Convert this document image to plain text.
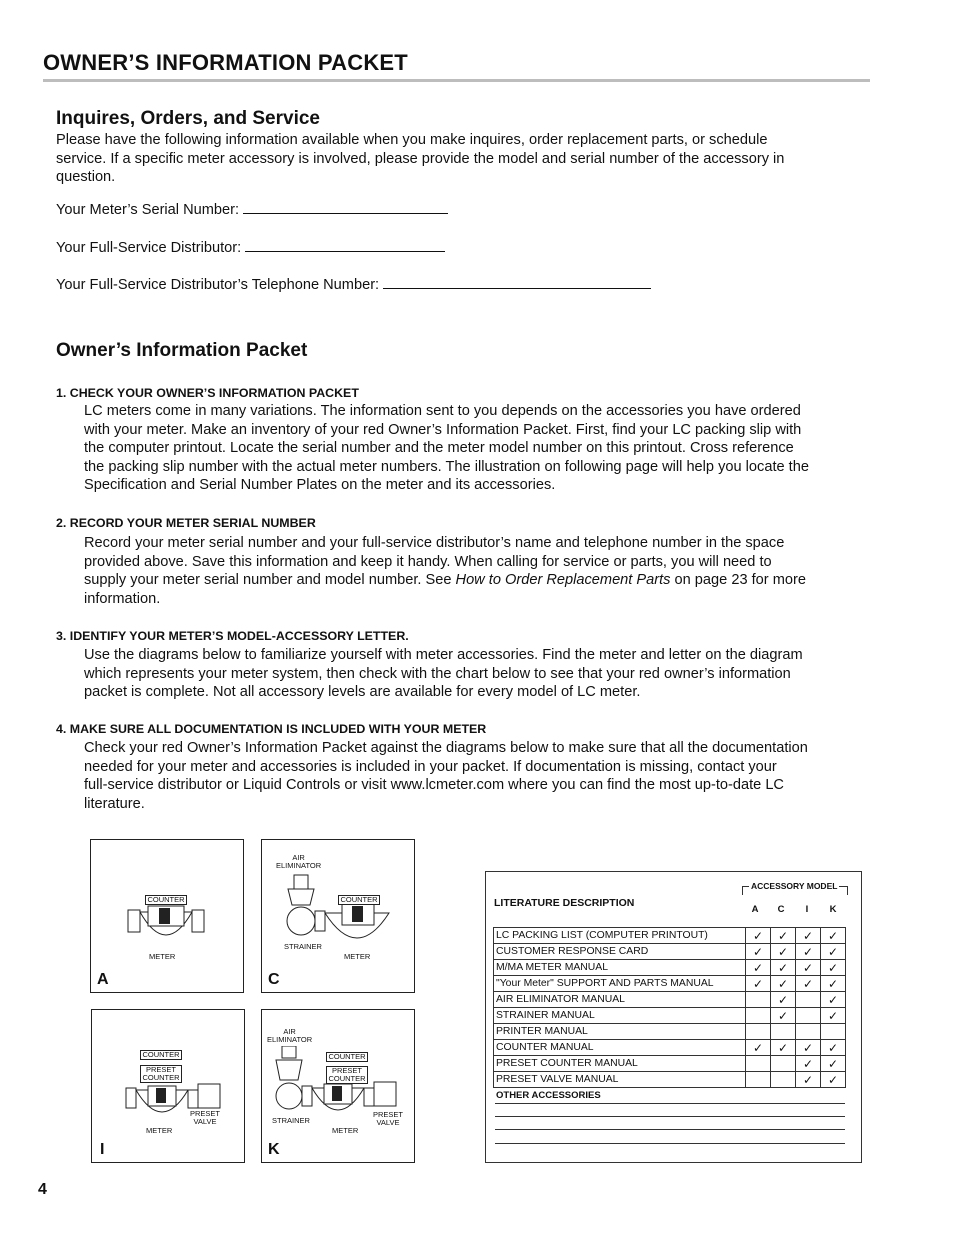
OWNER’S INFORMATION PACKET
Inquires, Orders, and Service
Please have the following information available when you make inquires, order replacement parts, or schedule
service. If a specific meter accessory is involved, please provide the model and serial number of the accessory in
question.
Your Meter’s Serial Number:
Your Full-Service Distributor:
Your Full-Service Distributor’s Telephone Number:
Owner’s Information Packet
1. CHECK YOUR OWNER’S INFORMATION PACKET
LC meters come in many variations. The information sent to you depends on the accessories you have ordered
with your meter. Make an inventory of your red Owner’s Information Packet. First, find your LC packing slip with
the computer printout. Locate the serial number and the meter model number on this printout. Cross reference
the packing slip number with the actual meter numbers. The illustration on following page will help you locate the
Specification and Serial Number Plates on the meter and its accessories.
2. RECORD YOUR METER SERIAL NUMBER
Record your meter serial number and your full-service distributor’s name and telephone number in the space
provided above. Save this information and keep it handy. When calling for service or parts, you will need to
supply your meter serial number and model number. See How to Order Replacement Parts on page 23 for more
information.
3. IDENTIFY YOUR METER’S MODEL-ACCESSORY LETTER.
Use the diagrams below to familiarize yourself with meter accessories. Find the meter and letter on the diagram
which represents your meter system, then check with the chart below to see that your red owner’s information
packet is complete. Not all accessory levels are available for every model of LC meter.
4. MAKE SURE ALL DOCUMENTATION IS INCLUDED WITH YOUR METER
Check your red Owner’s Information Packet against the diagrams below to make sure that all the documentation
needed for your meter and accessories is included in your packet. If documentation is missing, contact your
full-service distributor or Liquid Controls or visit www.lcmeter.com where you can find the most up-to-date LC
literature.
COUNTER
METER
A
AIR
ELIMINATOR
COUNTER
STRAINER
METER
C
COUNTER
PRESET
COUNTER
PRESET
VALVE
METER
I
AIR
ELIMINATOR
COUNTER
PRESET
COUNTER
STRAINER
METER
PRESET
VALVE
K
ACCESSORY MODEL
LITERATURE DESCRIPTION
A	C	I	K
LC PACKING LIST (COMPUTER PRINTOUT)	✓	✓	✓	✓
CUSTOMER RESPONSE CARD	✓	✓	✓	✓
M/MA METER MANUAL	✓	✓	✓	✓
"Your Meter" SUPPORT AND PARTS MANUAL	✓	✓	✓	✓
AIR ELIMINATOR MANUAL		✓		✓
STRAINER MANUAL		✓		✓
PRINTER MANUAL				
COUNTER MANUAL	✓	✓	✓	✓
PRESET COUNTER MANUAL			✓	✓
PRESET VALVE MANUAL			✓	✓
OTHER ACCESSORIES
4
